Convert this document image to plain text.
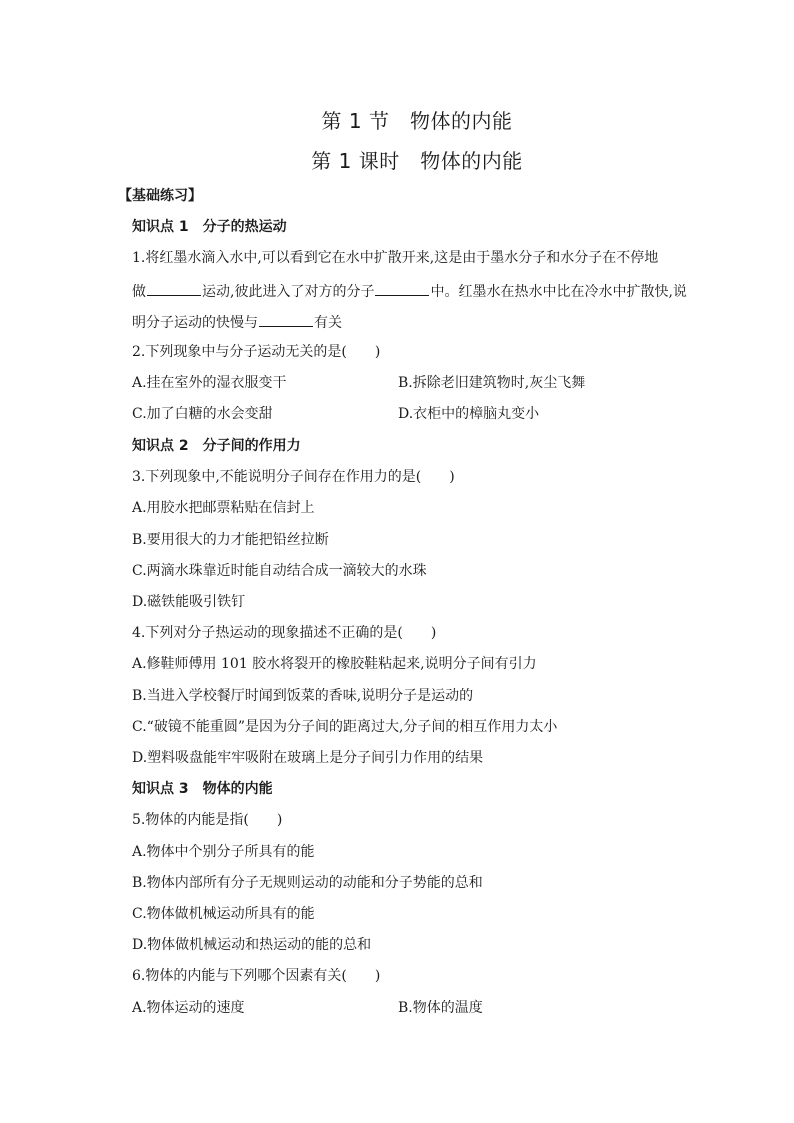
第 1 节　物体的内能
第 1 课时　物体的内能
【基础练习】
知识点 1　分子的热运动
1.将红墨水滴入水中,可以看到它在水中扩散开来,这是由于墨水分子和水分子在不停地
做	运动,彼此进入了对方的分子	中。红墨水在热水中比在冷水中扩散快,说
明分子运动的快慢与	有关
2.下列现象中与分子运动无关的是(　　)
A.挂在室外的湿衣服变干	B.拆除老旧建筑物时,灰尘飞舞
C.加了白糖的水会变甜	D.衣柜中的樟脑丸变小
知识点 2　分子间的作用力
3.下列现象中,不能说明分子间存在作用力的是(　　)
A.用胶水把邮票粘贴在信封上
B.要用很大的力才能把铅丝拉断
C.两滴水珠靠近时能自动结合成一滴较大的水珠
D.磁铁能吸引铁钉
4.下列对分子热运动的现象描述不正确的是(　　)
A.修鞋师傅用 101 胶水将裂开的橡胶鞋粘起来,说明分子间有引力
B.当进入学校餐厅时闻到饭菜的香味,说明分子是运动的
C.“破镜不能重圆”是因为分子间的距离过大,分子间的相互作用力太小
D.塑料吸盘能牢牢吸附在玻璃上是分子间引力作用的结果
知识点 3　物体的内能
5.物体的内能是指(　　)
A.物体中个别分子所具有的能
B.物体内部所有分子无规则运动的动能和分子势能的总和
C.物体做机械运动所具有的能
D.物体做机械运动和热运动的能的总和
6.物体的内能与下列哪个因素有关(　　)
A.物体运动的速度	B.物体的温度
